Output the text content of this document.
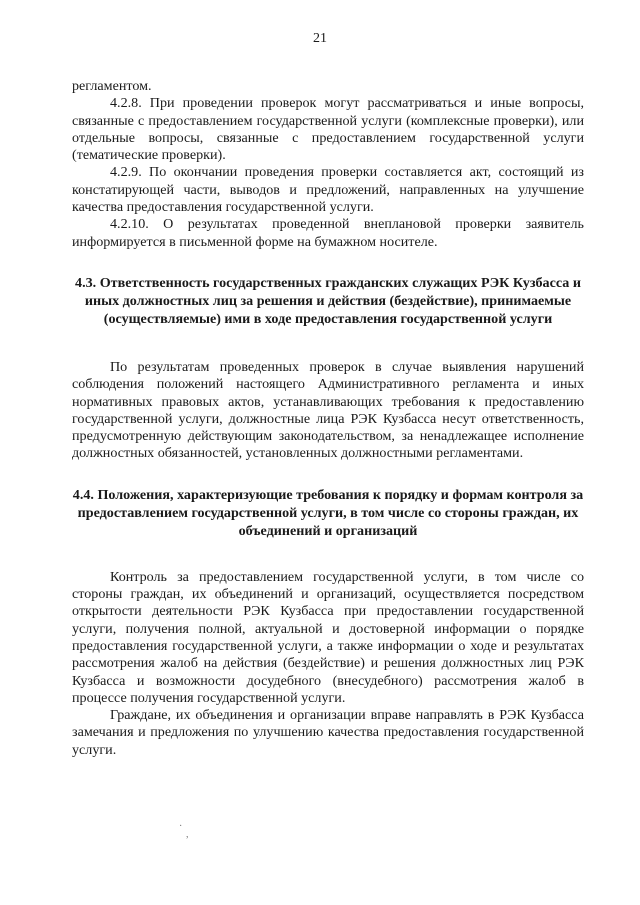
21

регламентом.

4.2.8. При проведении проверок могут рассматриваться и иные вопросы, связанные с предоставлением государственной услуги (комплексные проверки), или отдельные вопросы, связанные с предоставлением государственной услуги (тематические проверки).

4.2.9. По окончании проведения проверки составляется акт, состоящий из констатирующей части, выводов и предложений, направленных на улучшение качества предоставления государственной услуги.

4.2.10. О результатах проведенной внеплановой проверки заявитель информируется в письменной форме на бумажном носителе.

4.3. Ответственность государственных гражданских служащих РЭК Кузбасса и иных должностных лиц за решения и действия (бездействие), принимаемые (осуществляемые) ими в ходе предоставления государственной услуги

По результатам проведенных проверок в случае выявления нарушений соблюдения положений настоящего Административного регламента и иных нормативных правовых актов, устанавливающих требования к предоставлению государственной услуги, должностные лица РЭК Кузбасса несут ответственность, предусмотренную действующим законодательством, за ненадлежащее исполнение должностных обязанностей, установленных должностными регламентами.

4.4. Положения, характеризующие требования к порядку и формам контроля за предоставлением государственной услуги, в том числе со стороны граждан, их объединений и организаций

Контроль за предоставлением государственной услуги, в том числе со стороны граждан, их объединений и организаций, осуществляется посредством открытости деятельности РЭК Кузбасса при предоставлении государственной услуги, получения полной, актуальной и достоверной информации о порядке предоставления государственной услуги, а также информации о ходе и результатах рассмотрения жалоб на действия (бездействие) и решения должностных лиц РЭК Кузбасса и возможности досудебного (внесудебного) рассмотрения жалоб в процессе получения государственной услуги.

Граждане, их объединения и организации вправе направлять в РЭК Кузбасса замечания и предложения по улучшению качества предоставления государственной услуги.

·
,
